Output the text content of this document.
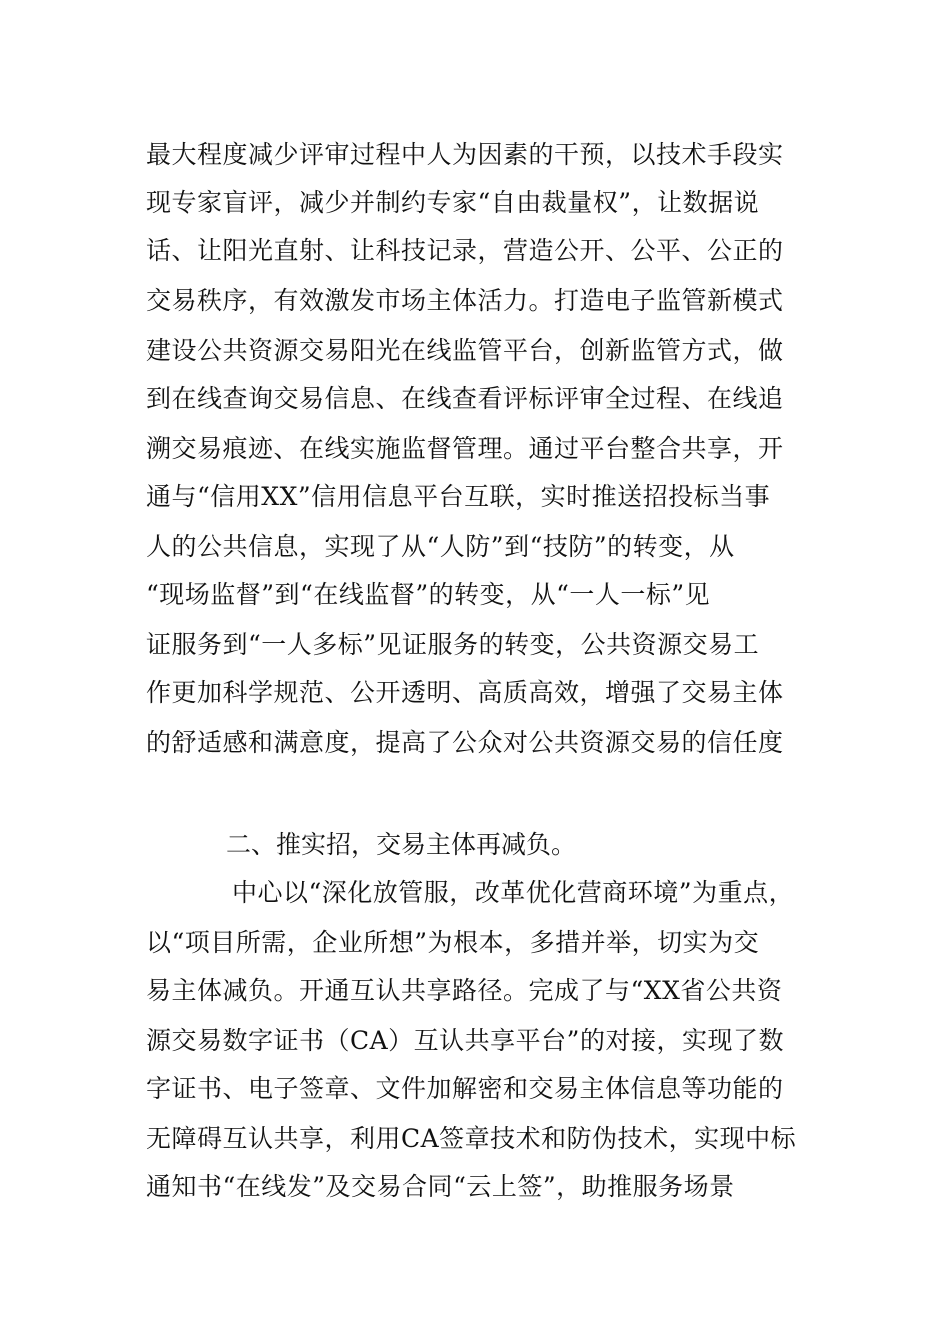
最大程度减少评审过程中人为因素的干预，以技术手段实
现专家盲评，减少并制约专家“自由裁量权”，让数据说
话、让阳光直射、让科技记录，营造公开、公平、公正的
交易秩序，有效激发市场主体活力。打造电子监管新模式
建设公共资源交易阳光在线监管平台，创新监管方式，做
到在线查询交易信息、在线查看评标评审全过程、在线追
溯交易痕迹、在线实施监督管理。通过平台整合共享，开
通与“信用XX”信用信息平台互联，实时推送招投标当事
人的公共信息，实现了从“人防”到“技防”的转变，从
“现场监督”到“在线监督”的转变，从“一人一标”见
证服务到“一人多标”见证服务的转变，公共资源交易工
作更加科学规范、公开透明、高质高效，增强了交易主体
的舒适感和满意度，提高了公众对公共资源交易的信任度
二、推实招，交易主体再减负。
中心以“深化放管服，改革优化营商环境”为重点，
以“项目所需，企业所想”为根本，多措并举，切实为交
易主体减负。开通互认共享路径。完成了与“XX省公共资
源交易数字证书（CA）互认共享平台”的对接，实现了数
字证书、电子签章、文件加解密和交易主体信息等功能的
无障碍互认共享，利用CA签章技术和防伪技术，实现中标
通知书“在线发”及交易合同“云上签”，助推服务场景
